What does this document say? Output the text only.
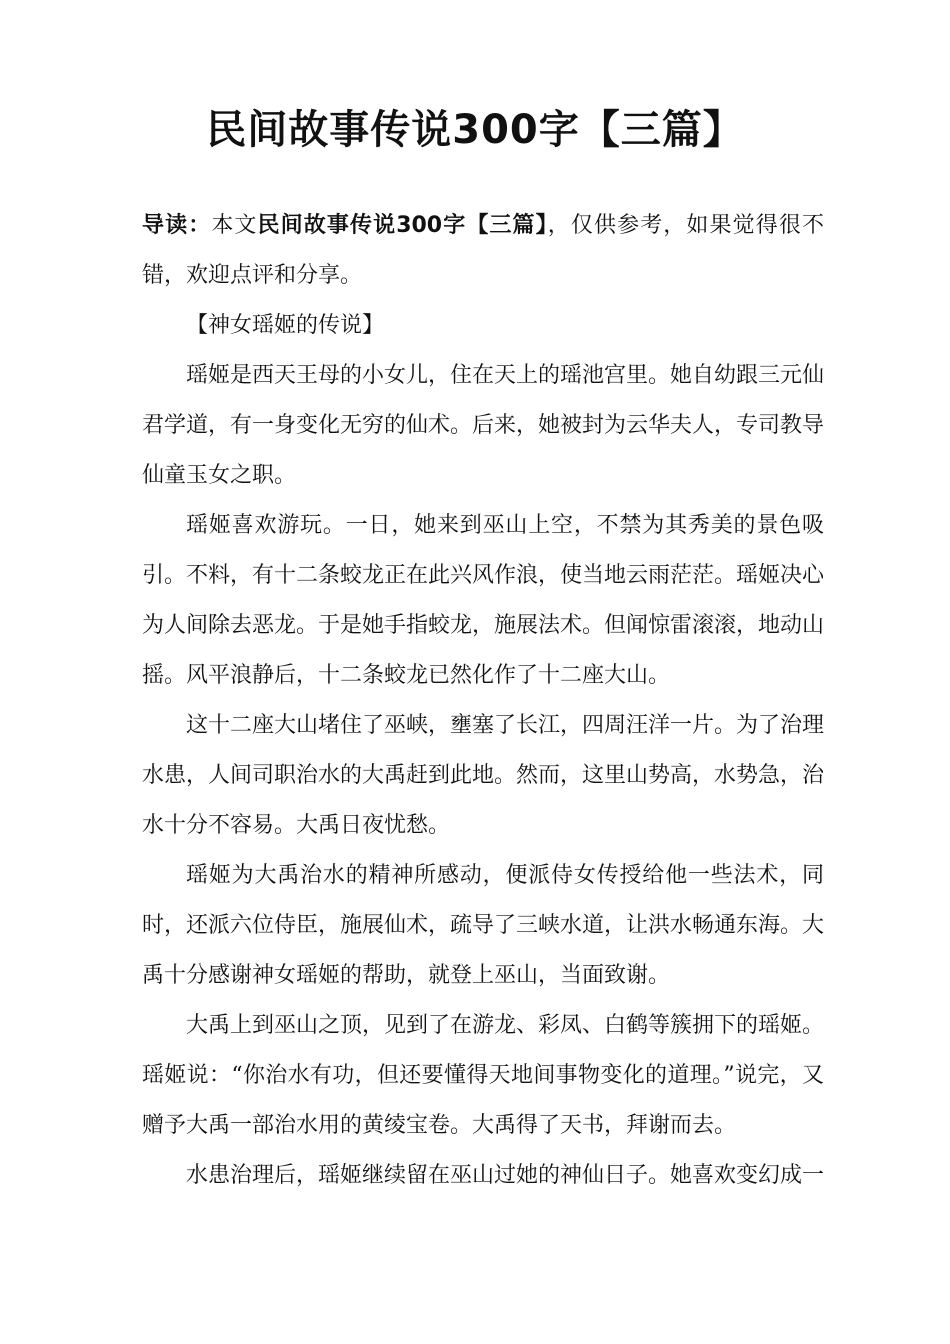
民间故事传说300字【三篇】

导读：本文民间故事传说300字【三篇】，仅供参考，如果觉得很不错，欢迎点评和分享。

【神女瑶姬的传说】

瑶姬是西天王母的小女儿，住在天上的瑶池宫里。她自幼跟三元仙君学道，有一身变化无穷的仙术。后来，她被封为云华夫人，专司教导仙童玉女之职。

瑶姬喜欢游玩。一日，她来到巫山上空，不禁为其秀美的景色吸引。不料，有十二条蛟龙正在此兴风作浪，使当地云雨茫茫。瑶姬决心为人间除去恶龙。于是她手指蛟龙，施展法术。但闻惊雷滚滚，地动山摇。风平浪静后，十二条蛟龙已然化作了十二座大山。

这十二座大山堵住了巫峡，壅塞了长江，四周汪洋一片。为了治理水患，人间司职治水的大禹赶到此地。然而，这里山势高，水势急，治水十分不容易。大禹日夜忧愁。

瑶姬为大禹治水的精神所感动，便派侍女传授给他一些法术，同时，还派六位侍臣，施展仙术，疏导了三峡水道，让洪水畅通东海。大禹十分感谢神女瑶姬的帮助，就登上巫山，当面致谢。

大禹上到巫山之顶，见到了在游龙、彩凤、白鹤等簇拥下的瑶姬。瑶姬说：“你治水有功，但还要懂得天地间事物变化的道理。”说完，又赠予大禹一部治水用的黄绫宝卷。大禹得了天书，拜谢而去。

水患治理后，瑶姬继续留在巫山过她的神仙日子。她喜欢变幻成一
